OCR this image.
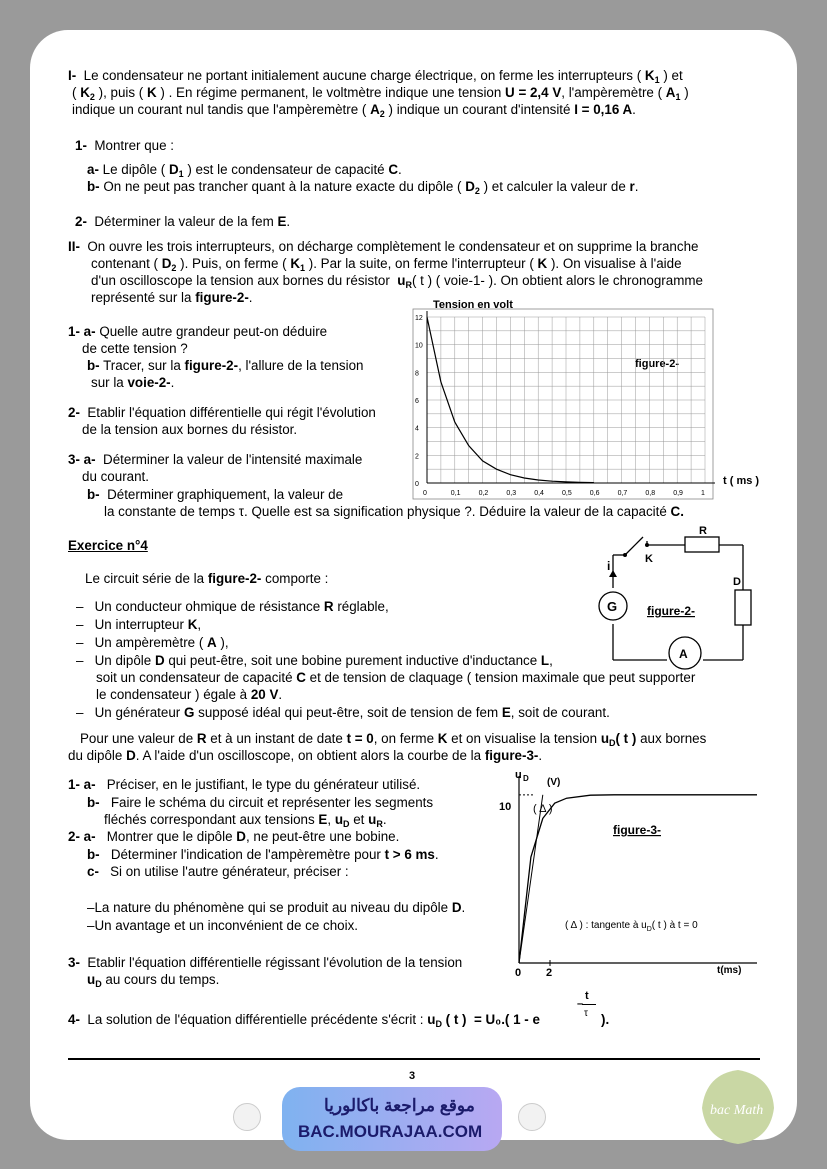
I- Le condensateur ne portant initialement aucune charge électrique, on ferme les interrupteurs ( $K_1$ ) et
( $K_2$ ), puis ( K ) . En régime permanent, le voltmètre indique une tension U = 2,4 V, l'ampèremètre ( $A_1$ )
indique un courant nul tandis que l'ampèremètre ( $A_2$ ) indique un courant d'intensité I = 0,16 A.
1- Montrer que :
a- Le dipôle ( $D_1$ ) est le condensateur de capacité C.
b- On ne peut pas trancher quant à la nature exacte du dipôle ( $D_2$ ) et calculer la valeur de r.
2- Déterminer la valeur de la fem E.
II- On ouvre les trois interrupteurs, on décharge complètement le condensateur et on supprime la branche
contenant ( $D_2$ ). Puis, on ferme ( $K_1$ ). Par la suite, on ferme l'interrupteur ( K ). On visualise à l'aide
d'un oscilloscope la tension aux bornes du résistor $u_R$( t ) ( voie-1- ). On obtient alors le chronogramme
représenté sur la figure-2-.
1- a- Quelle autre grandeur peut-on déduire
de cette tension ?
b- Tracer, sur la figure-2-, l'allure de la tension
sur la voie-2-.
2- Etablir l'équation différentielle qui régit l'évolution
de la tension aux bornes du résistor.
3- a- Déterminer la valeur de l'intensité maximale
du courant.
b- Déterminer graphiquement, la valeur de
la constante de temps τ. Quelle est sa signification physique ?. Déduire la valeur de la capacité C.
Tension en volt
figure-2-
t ( ms )
0	0,1	0,2	0,3	0,4	0,5	0,6	0,7	0,8	0,9	1
0
2
4
6
8
10
12
Exercice n°4
Le circuit série de la figure-2- comporte :
– Un conducteur ohmique de résistance R réglable,
– Un interrupteur K,
– Un ampèremètre ( A ),
– Un dipôle D qui peut-être, soit une bobine purement inductive d'inductance L,
soit un condensateur de capacité C et de tension de claquage ( tension maximale que peut supporter
le condensateur ) égale à 20 V.
– Un générateur G supposé idéal qui peut-être, soit de tension de fem E, soit de courant.
Pour une valeur de R et à un instant de date t = 0, on ferme K et on visualise la tension $u_D$( t ) aux bornes
du dipôle D. A l'aide d'un oscilloscope, on obtient alors la courbe de la figure-3-.
1- a- Préciser, en le justifiant, le type du générateur utilisé.
b- Faire le schéma du circuit et représenter les segments
fléchés correspondant aux tensions E, $u_D$ et $u_R$.
2- a- Montrer que le dipôle D, ne peut-être une bobine.
b- Déterminer l'indication de l'ampèremètre pour t > 6 ms.
c- Si on utilise l'autre générateur, préciser :
–La nature du phénomène qui se produit au niveau du dipôle D.
–Un avantage et un inconvénient de ce choix.
3- Etablir l'équation différentielle régissant l'évolution de la tension
$u_D$ au cours du temps.
4- La solution de l'équation différentielle précédente s'écrit : $u_D$ ( t ) = U₀.( 1 - e
t
–
τ ).
R
K
D
G
A
i
figure-2-
u D (V)
10 ( Δ )
figure-3-
( Δ ) : tangente à $u_D$( t ) à t = 0
0 2	t(ms)
3
موقع مراجعة باكالوريا
BAC.MOURAJAA.COM
bac Math
